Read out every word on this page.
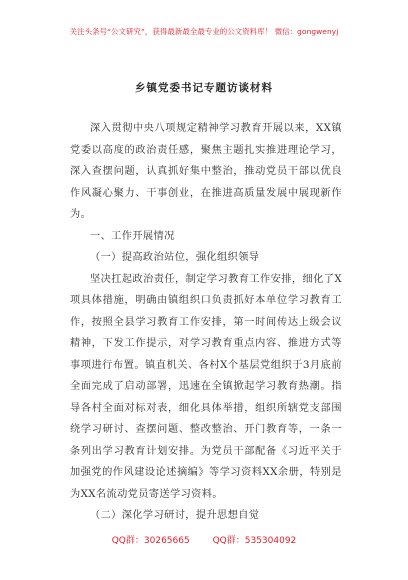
关注头条号“公文研究”，获得最新最全最专业的公文资料库！ 微信：gongwenyj
乡镇党委书记专题访谈材料
深入贯彻中央八项规定精神学习教育开展以来，XX镇
党委以高度的政治责任感，聚焦主题扎实推进理论学习，
深入查摆问题，认真抓好集中整治，推动党员干部以优良
作风凝心聚力、干事创业，在推进高质量发展中展现新作
为。
一、工作开展情况
（一）提高政治站位，强化组织领导
坚决扛起政治责任，制定学习教育工作安排，细化了X
项具体措施，明确由镇组织口负责抓好本单位学习教育工
作，按照全县学习教育工作安排，第一时间传达上级会议
精神，下发工作提示，对学习教育重点内容、推进方式等
事项进行布置。镇直机关、各村X个基层党组织于3月底前
全面完成了启动部署，迅速在全镇掀起学习教育热潮。指
导各村全面对标对表，细化具体举措，组织所辖党支部围
绕学习研讨、查摆问题、整改整治、开门教育等，一条一
条列出学习教育计划安排。为党员干部配备《习近平关于
加强党的作风建设论述摘编》等学习资料XX余册，特别是
为XX名流动党员寄送学习资料。
（二）深化学习研讨，提升思想自觉
QQ群：30265665	QQ群：535304092
